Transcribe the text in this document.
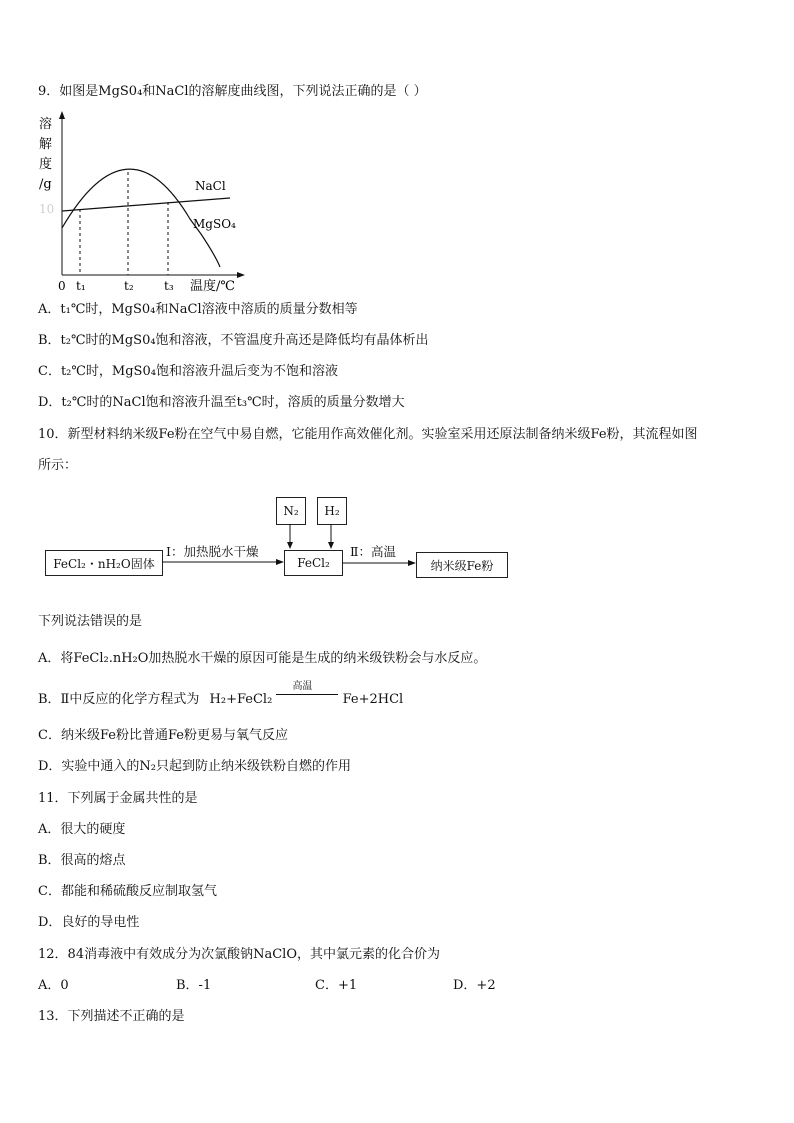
9．如图是MgS0₄和NaCl的溶解度曲线图，下列说法正确的是（ ）
溶
解
度
/g
10
NaCl
MgSO₄
0 t₁	t₂	t₃ 温度/℃
A．t₁℃时，MgS0₄和NaCl溶液中溶质的质量分数相等
B．t₂℃时的MgS0₄饱和溶液，不管温度升高还是降低均有晶体析出
C．t₂℃时，MgS0₄饱和溶液升温后变为不饱和溶液
D．t₂℃时的NaCl饱和溶液升温至t₃℃时，溶质的质量分数增大
10．新型材料纳米级Fe粉在空气中易自燃，它能用作高效催化剂。实验室采用还原法制备纳米级Fe粉，其流程如图
所示：
N₂	H₂
FeCl₂・nH₂O固体	FeCl₂	纳米级Fe粉
Ⅰ：加热脱水干燥	Ⅱ：高温
下列说法错误的是
A．将FeCl₂.nH₂O加热脱水干燥的原因可能是生成的纳米级铁粉会与水反应。
B．Ⅱ中反应的化学方程式为 H₂+FeCl₂
高温
Fe+2HCl
C．纳米级Fe粉比普通Fe粉更易与氧气反应
D．实验中通入的N₂只起到防止纳米级铁粉自燃的作用
11．下列属于金属共性的是
A．很大的硬度
B．很高的熔点
C．都能和稀硫酸反应制取氢气
D．良好的导电性
12．84消毒液中有效成分为次氯酸钠NaClO，其中氯元素的化合价为
A．0	B．-1	C．+1	D．+2
13．下列描述不正确的是
